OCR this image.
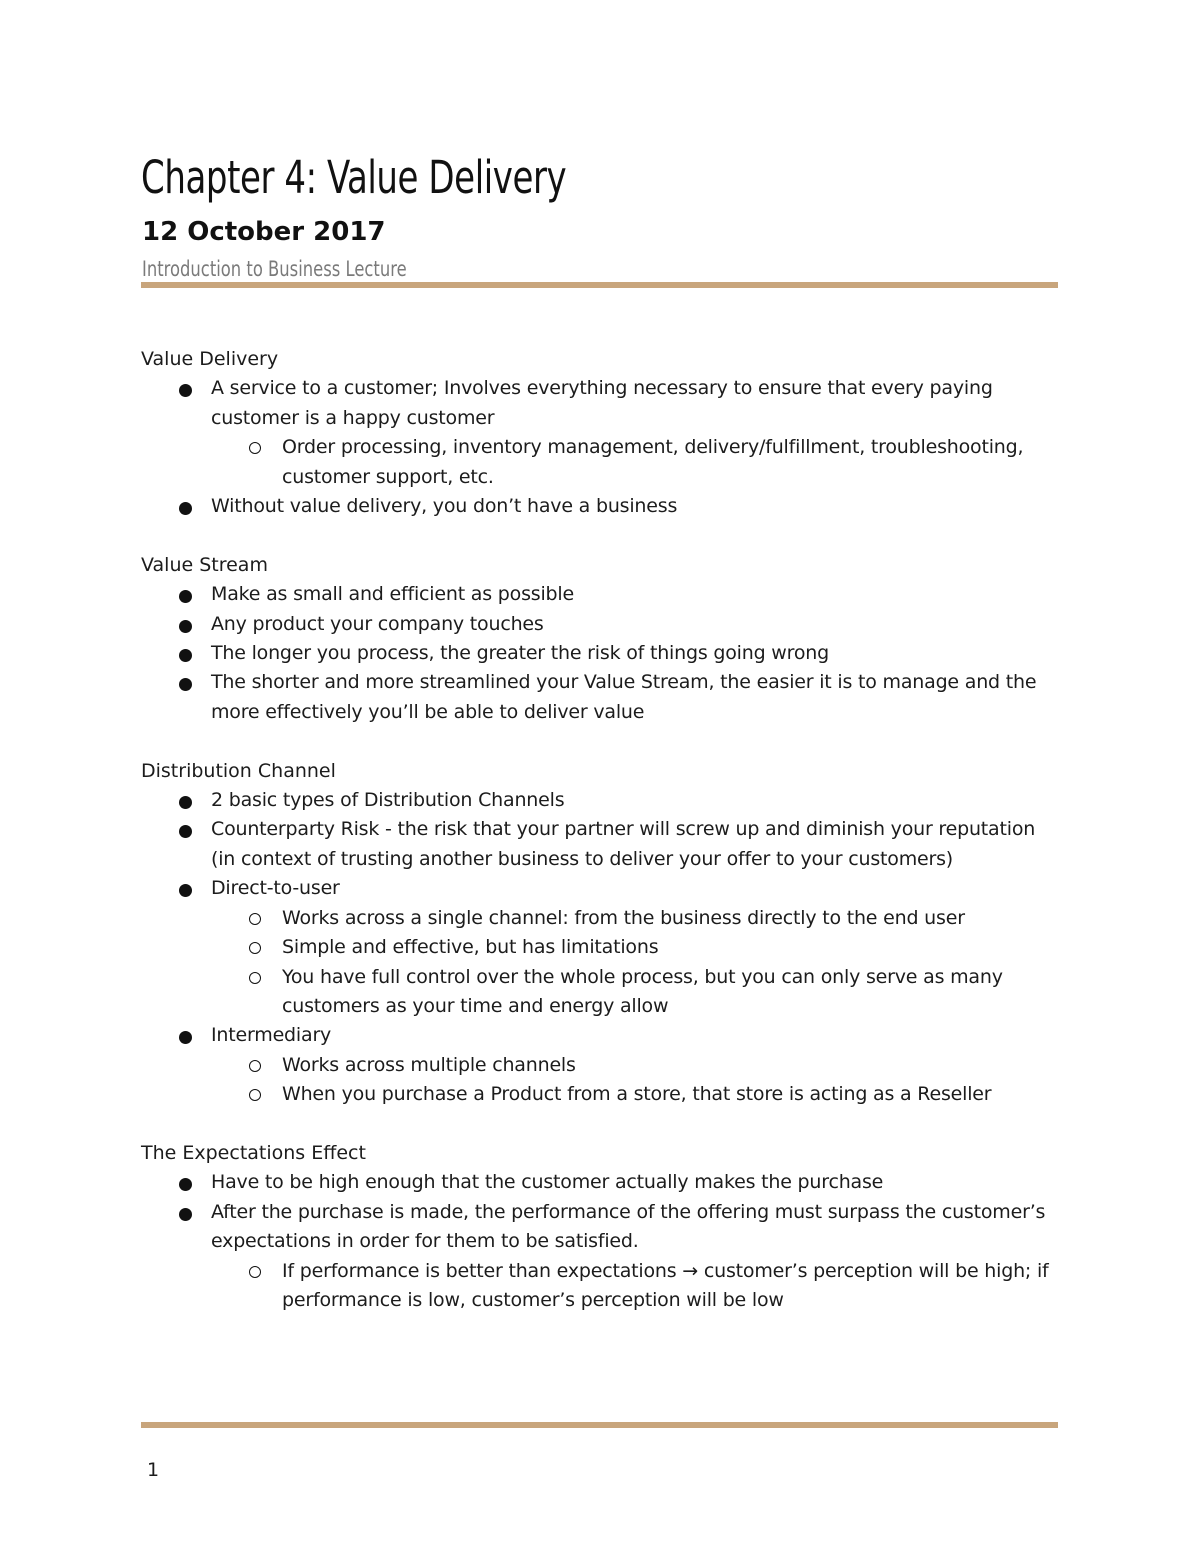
Chapter 4: Value Delivery
12 October 2017
Introduction to Business Lecture
Value Delivery
A service to a customer; Involves everything necessary to ensure that every paying customer is a happy customer
Order processing, inventory management, delivery/fulfillment, troubleshooting, customer support, etc.
Without value delivery, you don’t have a business
Value Stream
Make as small and efficient as possible
Any product your company touches
The longer you process, the greater the risk of things going wrong
The shorter and more streamlined your Value Stream, the easier it is to manage and the more effectively you’ll be able to deliver value
Distribution Channel
2 basic types of Distribution Channels
Counterparty Risk - the risk that your partner will screw up and diminish your reputation (in context of trusting another business to deliver your offer to your customers)
Direct-to-user
Works across a single channel: from the business directly to the end user
Simple and effective, but has limitations
You have full control over the whole process, but you can only serve as many customers as your time and energy allow
Intermediary
Works across multiple channels
When you purchase a Product from a store, that store is acting as a Reseller
The Expectations Effect
Have to be high enough that the customer actually makes the purchase
After the purchase is made, the performance of the offering must surpass the customer’s expectations in order for them to be satisfied.
If performance is better than expectations → customer’s perception will be high; if performance is low, customer’s perception will be low
1
